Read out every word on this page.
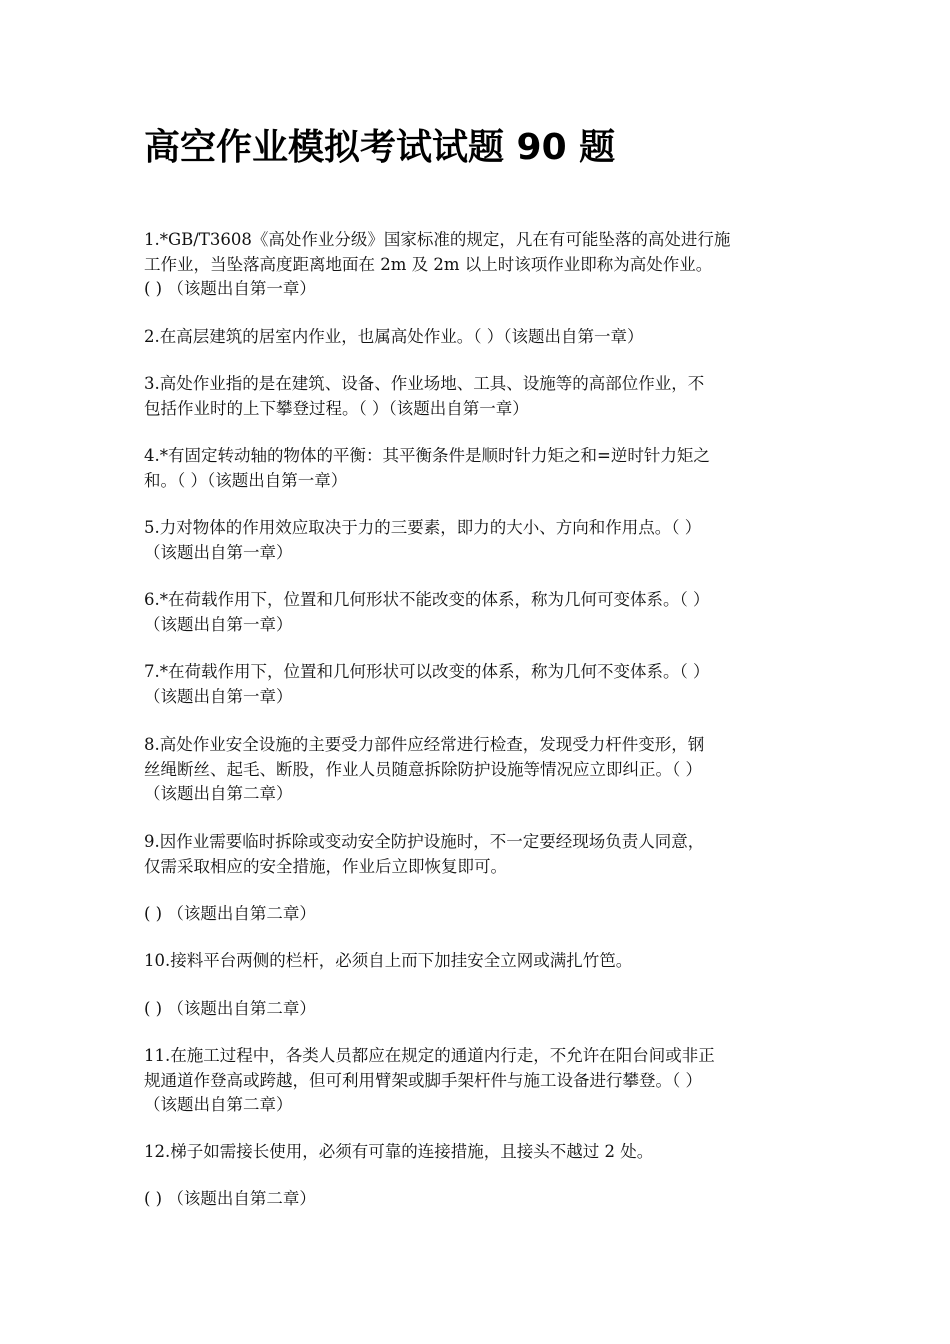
高空作业模拟考试试题 90 题

1.*GB/T3608《高处作业分级》国家标准的规定，凡在有可能坠落的高处进行施
工作业，当坠落高度距离地面在 2m 及 2m 以上时该项作业即称为高处作业。
( ) （该题出自第一章）

2.在高层建筑的居室内作业，也属高处作业。（ ）（该题出自第一章）

3.高处作业指的是在建筑、设备、作业场地、工具、设施等的高部位作业，不
包括作业时的上下攀登过程。（ ）（该题出自第一章）

4.*有固定转动轴的物体的平衡：其平衡条件是顺时针力矩之和=逆时针力矩之
和。（ ）（该题出自第一章）

5.力对物体的作用效应取决于力的三要素，即力的大小、方向和作用点。（ ）
（该题出自第一章）

6.*在荷载作用下，位置和几何形状不能改变的体系，称为几何可变体系。（ ）
（该题出自第一章）

7.*在荷载作用下，位置和几何形状可以改变的体系，称为几何不变体系。（ ）
（该题出自第一章）

8.高处作业安全设施的主要受力部件应经常进行检查，发现受力杆件变形，钢
丝绳断丝、起毛、断股，作业人员随意拆除防护设施等情况应立即纠正。（ ）
（该题出自第二章）

9.因作业需要临时拆除或变动安全防护设施时，不一定要经现场负责人同意，
仅需采取相应的安全措施，作业后立即恢复即可。

( ) （该题出自第二章）

10.接料平台两侧的栏杆，必须自上而下加挂安全立网或满扎竹笆。

( ) （该题出自第二章）

11.在施工过程中，各类人员都应在规定的通道内行走，不允许在阳台间或非正
规通道作登高或跨越，但可利用臂架或脚手架杆件与施工设备进行攀登。（ ）
（该题出自第二章）

12.梯子如需接长使用，必须有可靠的连接措施，且接头不越过 2 处。

( ) （该题出自第二章）
